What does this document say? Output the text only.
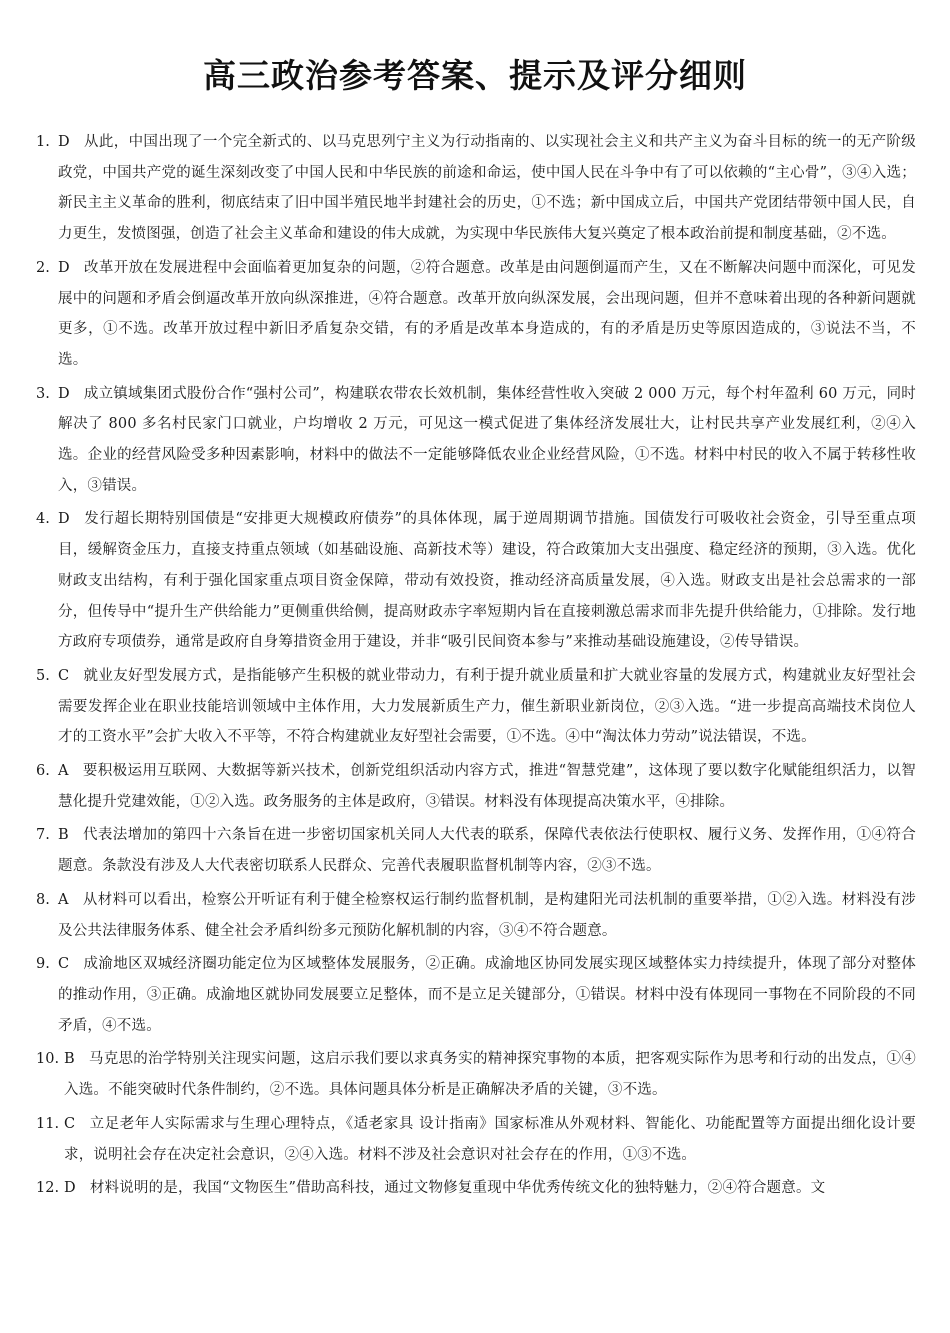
高三政治参考答案、提示及评分细则
1. D 从此，中国出现了一个完全新式的、以马克思列宁主义为行动指南的、以实现社会主义和共产主义为奋斗目标的统一的无产阶级政党，中国共产党的诞生深刻改变了中国人民和中华民族的前途和命运，使中国人民在斗争中有了可以依赖的“主心骨”，③④入选；新民主主义革命的胜利，彻底结束了旧中国半殖民地半封建社会的历史，①不选；新中国成立后，中国共产党团结带领中国人民，自力更生，发愤图强，创造了社会主义革命和建设的伟大成就，为实现中华民族伟大复兴奠定了根本政治前提和制度基础，②不选。
2. D 改革开放在发展进程中会面临着更加复杂的问题，②符合题意。改革是由问题倒逼而产生，又在不断解决问题中而深化，可见发展中的问题和矛盾会倒逼改革开放向纵深推进，④符合题意。改革开放向纵深发展，会出现问题，但并不意味着出现的各种新问题就更多，①不选。改革开放过程中新旧矛盾复杂交错，有的矛盾是改革本身造成的，有的矛盾是历史等原因造成的，③说法不当，不选。
3. D 成立镇域集团式股份合作“强村公司”，构建联农带农长效机制，集体经营性收入突破 2 000 万元，每个村年盈利 60 万元，同时解决了 800 多名村民家门口就业，户均增收 2 万元，可见这一模式促进了集体经济发展壮大，让村民共享产业发展红利，②④入选。企业的经营风险受多种因素影响，材料中的做法不一定能够降低农业企业经营风险，①不选。材料中村民的收入不属于转移性收入，③错误。
4. D 发行超长期特别国债是“安排更大规模政府债券”的具体体现，属于逆周期调节措施。国债发行可吸收社会资金，引导至重点项目，缓解资金压力，直接支持重点领域（如基础设施、高新技术等）建设，符合政策加大支出强度、稳定经济的预期，③入选。优化财政支出结构，有利于强化国家重点项目资金保障，带动有效投资，推动经济高质量发展，④入选。财政支出是社会总需求的一部分，但传导中“提升生产供给能力”更侧重供给侧，提高财政赤字率短期内旨在直接刺激总需求而非先提升供给能力，①排除。发行地方政府专项债券，通常是政府自身筹措资金用于建设，并非“吸引民间资本参与”来推动基础设施建设，②传导错误。
5. C 就业友好型发展方式，是指能够产生积极的就业带动力，有利于提升就业质量和扩大就业容量的发展方式，构建就业友好型社会需要发挥企业在职业技能培训领域中主体作用，大力发展新质生产力，催生新职业新岗位，②③入选。“进一步提高高端技术岗位人才的工资水平”会扩大收入不平等，不符合构建就业友好型社会需要，①不选。④中“淘汰体力劳动”说法错误，不选。
6. A 要积极运用互联网、大数据等新兴技术，创新党组织活动内容方式，推进“智慧党建”，这体现了要以数字化赋能组织活力，以智慧化提升党建效能，①②入选。政务服务的主体是政府，③错误。材料没有体现提高决策水平，④排除。
7. B 代表法增加的第四十六条旨在进一步密切国家机关同人大代表的联系，保障代表依法行使职权、履行义务、发挥作用，①④符合题意。条款没有涉及人大代表密切联系人民群众、完善代表履职监督机制等内容，②③不选。
8. A 从材料可以看出，检察公开听证有利于健全检察权运行制约监督机制，是构建阳光司法机制的重要举措，①②入选。材料没有涉及公共法律服务体系、健全社会矛盾纠纷多元预防化解机制的内容，③④不符合题意。
9. C 成渝地区双城经济圈功能定位为区域整体发展服务，②正确。成渝地区协同发展实现区域整体实力持续提升，体现了部分对整体的推动作用，③正确。成渝地区就协同发展要立足整体，而不是立足关键部分，①错误。材料中没有体现同一事物在不同阶段的不同矛盾，④不选。
10. B 马克思的治学特别关注现实问题，这启示我们要以求真务实的精神探究事物的本质，把客观实际作为思考和行动的出发点，①④入选。不能突破时代条件制约，②不选。具体问题具体分析是正确解决矛盾的关键，③不选。
11. C 立足老年人实际需求与生理心理特点，《适老家具 设计指南》国家标准从外观材料、智能化、功能配置等方面提出细化设计要求，说明社会存在决定社会意识，②④入选。材料不涉及社会意识对社会存在的作用，①③不选。
12. D 材料说明的是，我国“文物医生”借助高科技，通过文物修复重现中华优秀传统文化的独特魅力，②④符合题意。文
